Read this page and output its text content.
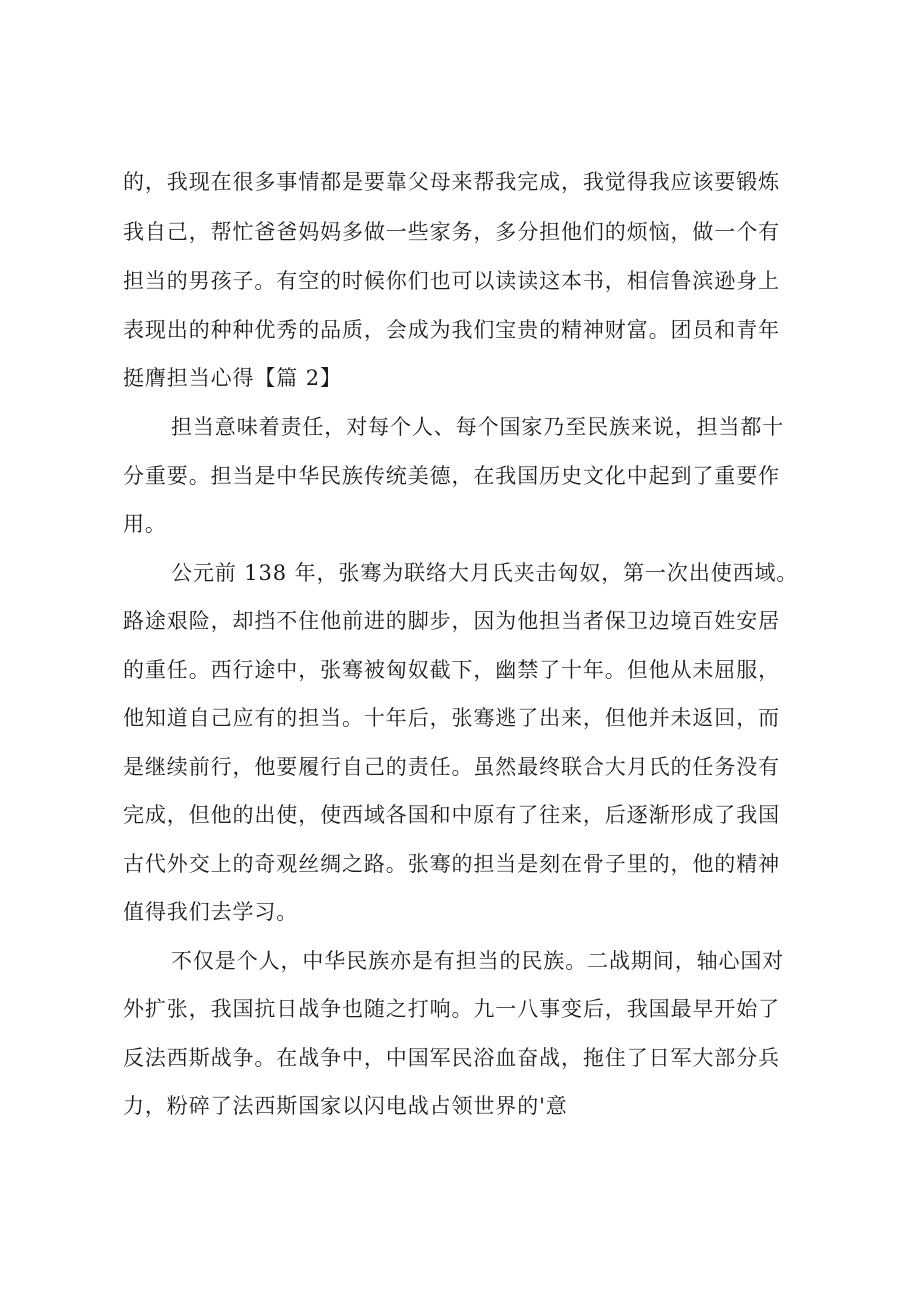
的，我现在很多事情都是要靠父母来帮我完成，我觉得我应该要锻炼
我自己，帮忙爸爸妈妈多做一些家务，多分担他们的烦恼，做一个有
担当的男孩子。有空的时候你们也可以读读这本书，相信鲁滨逊身上
表现出的种种优秀的品质，会成为我们宝贵的精神财富。团员和青年
挺膺担当心得【篇 2】
担当意味着责任，对每个人、每个国家乃至民族来说，担当都十
分重要。担当是中华民族传统美德，在我国历史文化中起到了重要作
用。
公元前 138 年，张骞为联络大月氏夹击匈奴，第一次出使西域。
路途艰险，却挡不住他前进的脚步，因为他担当者保卫边境百姓安居
的重任。西行途中，张骞被匈奴截下，幽禁了十年。但他从未屈服，
他知道自己应有的担当。十年后，张骞逃了出来，但他并未返回，而
是继续前行，他要履行自己的责任。虽然最终联合大月氏的任务没有
完成，但他的出使，使西域各国和中原有了往来，后逐渐形成了我国
古代外交上的奇观丝绸之路。张骞的担当是刻在骨子里的，他的精神
值得我们去学习。
不仅是个人，中华民族亦是有担当的民族。二战期间，轴心国对
外扩张，我国抗日战争也随之打响。九一八事变后，我国最早开始了
反法西斯战争。在战争中，中国军民浴血奋战，拖住了日军大部分兵
力，粉碎了法西斯国家以闪电战占领世界的'意
